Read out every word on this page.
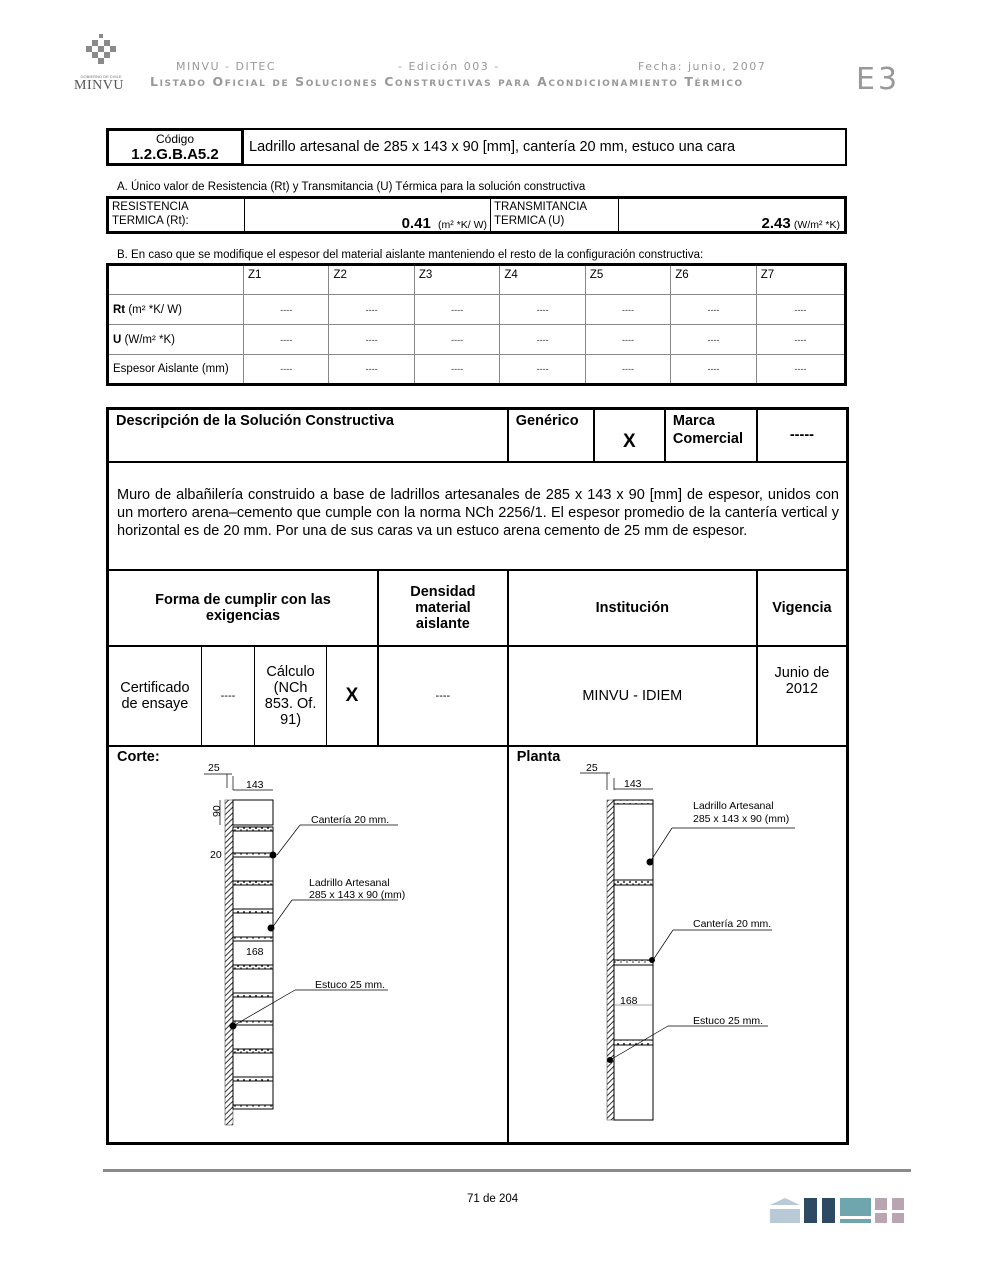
GOBIERNO DE CHILE
MINVU
MINVU - DITEC	- Edición 003 -	Fecha: junio, 2007
Listado Oficial de Soluciones Constructivas para Acondicionamiento Térmico	E3
Código
1.2.G.B.A5.2	Ladrillo artesanal de 285 x 143 x 90 [mm], cantería 20 mm, estuco una cara
A. Único valor de Resistencia (Rt) y Transmitancia (U) Térmica para la solución constructiva
RESISTENCIA
TERMICA (Rt):	0.41 (m² *K/ W)
TRANSMITANCIA
TERMICA (U)	2.43 (W/m² *K)
B. En caso que se modifique el espesor del material aislante manteniendo el resto de la configuración constructiva:
	Z1	Z2	Z3	Z4	Z5	Z6	Z7
Rt (m² *K/ W)	----	----	----	----	----	----	----
U (W/m² *K)	----	----	----	----	----	----	----
Espesor Aislante (mm)	----	----	----	----	----	----	----
Descripción de la Solución Constructiva					Genérico	X	Marca Comercial	-----
Muro de albañilería construido a base de ladrillos artesanales de 285 x 143 x 90 [mm] de espesor, unidos con un mortero arena–cemento que cumple con la norma NCh 2256/1. El espesor promedio de la cantería vertical y horizontal es de 20 mm. Por una de sus caras va un estuco arena cemento de 25 mm de espesor.								
Forma de cumplir con las exigencias				Densidad material aislante	Institución			Vigencia
Certificado de ensaye	----	Cálculo (NCh 853. Of. 91)	X	----	MINVU - IDIEM			Junio de 2012

Corte:					Planta			
25
143
90
20
168
Cantería 20 mm.
Ladrillo Artesanal
285 x 143 x 90 (mm)
Estuco 25 mm.
25
143
168
Ladrillo Artesanal
285 x 143 x 90 (mm)
Cantería 20 mm.
Estuco 25 mm.
71 de 204
